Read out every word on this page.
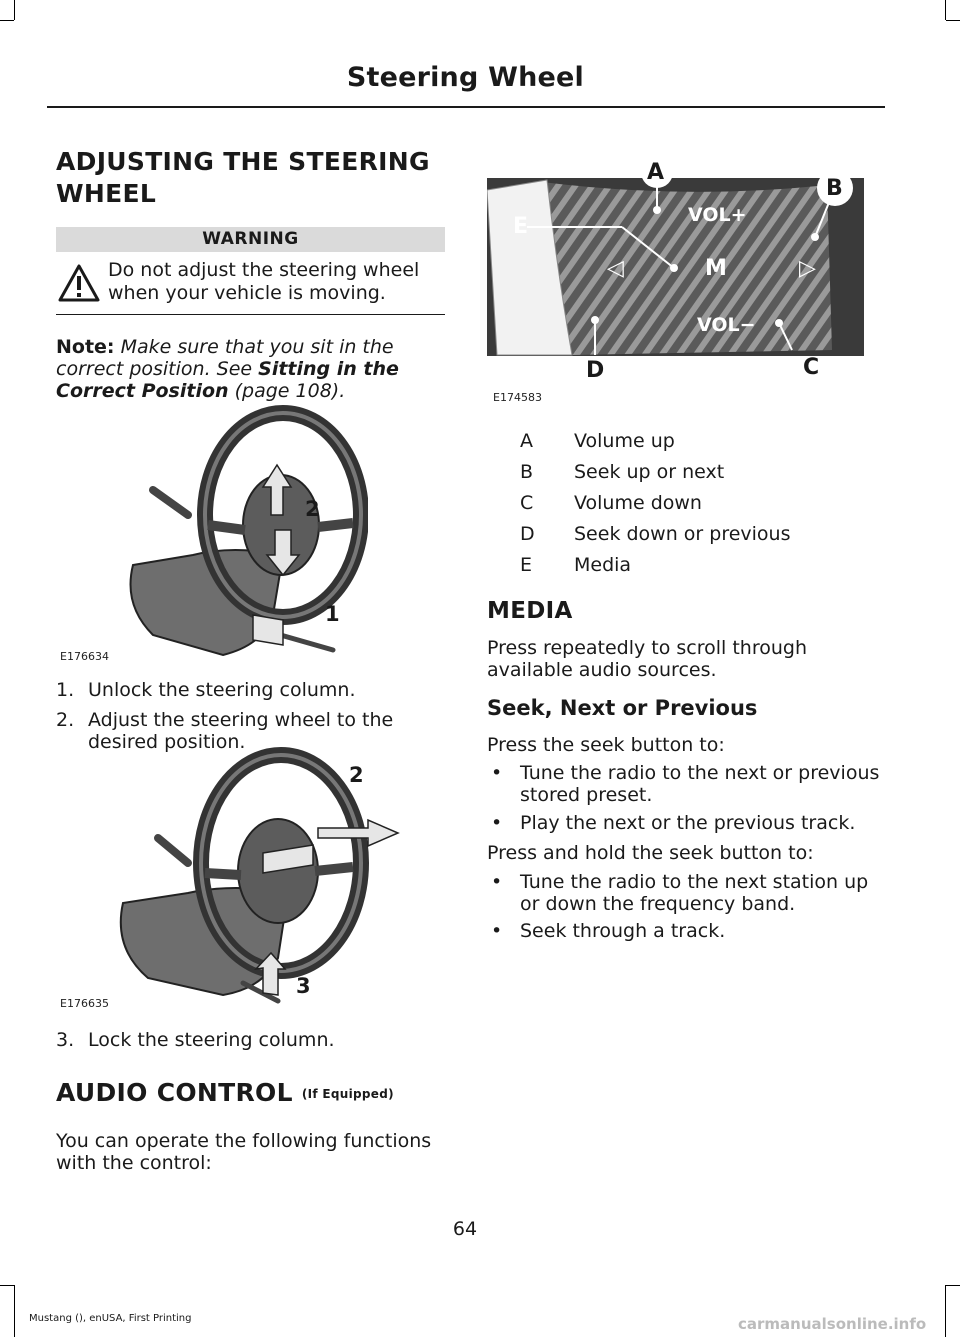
Steering Wheel
ADJUSTING THE STEERING
WHEEL
WARNING
Do not adjust the steering wheel when your vehicle is moving.
Note: Make sure that you sit in the correct position. See Sitting in the Correct Position (page 108).
2
1
E176634
1. Unlock the steering column.
2. Adjust the steering wheel to the desired position.
2
3
E176635
3. Lock the steering column.
AUDIO CONTROL (If Equipped)
You can operate the following functions with the control:
VOL+
◁	M	▷
VOL−
A
B
C
D
E
E174583
A	Volume up
B	Seek up or next
C	Volume down
D	Seek down or previous
E	Media
MEDIA
Press repeatedly to scroll through available audio sources.
Seek, Next or Previous
Press the seek button to:
• Tune the radio to the next or previous stored preset.
• Play the next or the previous track.
Press and hold the seek button to:
• Tune the radio to the next station up or down the frequency band.
• Seek through a track.
64
Mustang (), enUSA, First Printing	carmanualsonline.info
